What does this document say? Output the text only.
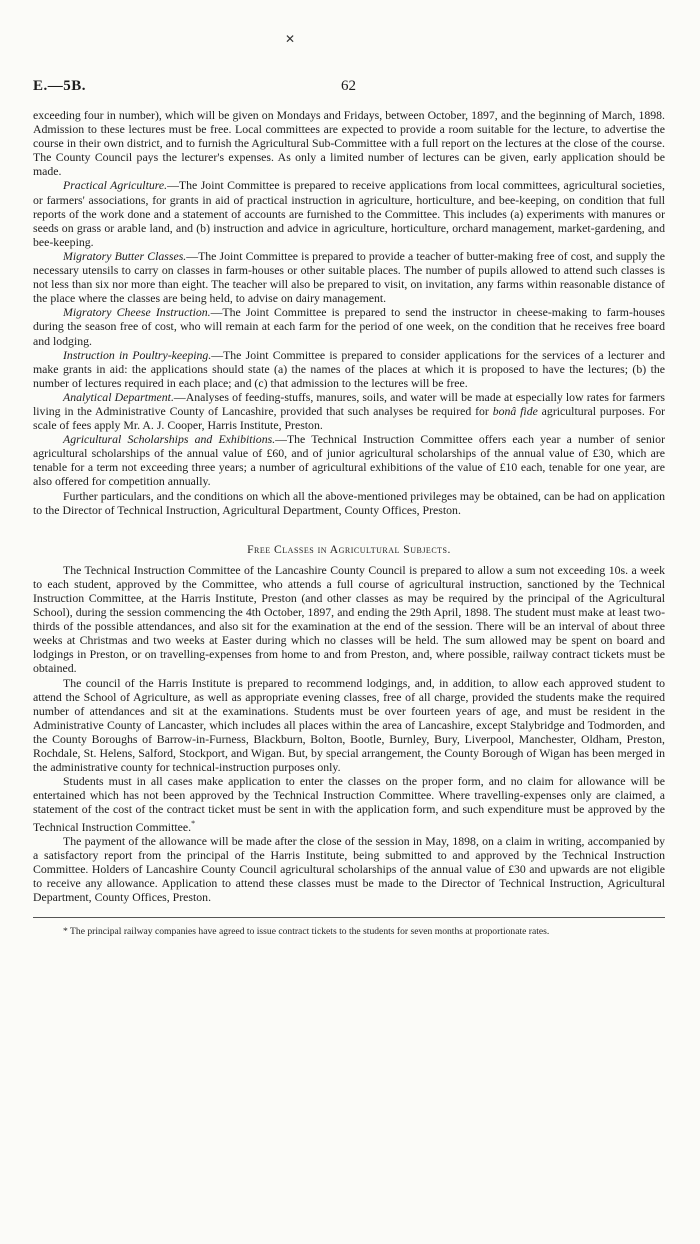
✕
E.—5B.	62

exceeding four in number), which will be given on Mondays and Fridays, between October, 1897, and the beginning of March, 1898. Admission to these lectures must be free. Local committees are expected to provide a room suitable for the lecture, to advertise the course in their own district, and to furnish the Agricultural Sub-Committee with a full report on the lectures at the close of the course. The County Council pays the lecturer's expenses. As only a limited number of lectures can be given, early application should be made.

Practical Agriculture.—The Joint Committee is prepared to receive applications from local committees, agricultural societies, or farmers' associations, for grants in aid of practical instruction in agriculture, horticulture, and bee-keeping, on condition that full reports of the work done and a statement of accounts are furnished to the Committee. This includes (a) experiments with manures or seeds on grass or arable land, and (b) instruction and advice in agriculture, horticulture, orchard management, market-gardening, and bee-keeping.

Migratory Butter Classes.—The Joint Committee is prepared to provide a teacher of butter-making free of cost, and supply the necessary utensils to carry on classes in farm-houses or other suitable places. The number of pupils allowed to attend such classes is not less than six nor more than eight. The teacher will also be prepared to visit, on invitation, any farms within reasonable distance of the place where the classes are being held, to advise on dairy management.

Migratory Cheese Instruction.—The Joint Committee is prepared to send the instructor in cheese-making to farm-houses during the season free of cost, who will remain at each farm for the period of one week, on the condition that he receives free board and lodging.

Instruction in Poultry-keeping.—The Joint Committee is prepared to consider applications for the services of a lecturer and make grants in aid: the applications should state (a) the names of the places at which it is proposed to have the lectures; (b) the number of lectures required in each place; and (c) that admission to the lectures will be free.

Analytical Department.—Analyses of feeding-stuffs, manures, soils, and water will be made at especially low rates for farmers living in the Administrative County of Lancashire, provided that such analyses be required for bonâ fide agricultural purposes. For scale of fees apply Mr. A. J. Cooper, Harris Institute, Preston.

Agricultural Scholarships and Exhibitions.—The Technical Instruction Committee offers each year a number of senior agricultural scholarships of the annual value of £60, and of junior agricultural scholarships of the annual value of £30, which are tenable for a term not exceeding three years; a number of agricultural exhibitions of the value of £10 each, tenable for one year, are also offered for competition annually.

Further particulars, and the conditions on which all the above-mentioned privileges may be obtained, can be had on application to the Director of Technical Instruction, Agricultural Department, County Offices, Preston.

Free Classes in Agricultural Subjects.

The Technical Instruction Committee of the Lancashire County Council is prepared to allow a sum not exceeding 10s. a week to each student, approved by the Committee, who attends a full course of agricultural instruction, sanctioned by the Technical Instruction Committee, at the Harris Institute, Preston (and other classes as may be required by the principal of the Agricultural School), during the session commencing the 4th October, 1897, and ending the 29th April, 1898. The student must make at least two-thirds of the possible attendances, and also sit for the examination at the end of the session. There will be an interval of about three weeks at Christmas and two weeks at Easter during which no classes will be held. The sum allowed may be spent on board and lodgings in Preston, or on travelling-expenses from home to and from Preston, and, where possible, railway contract tickets must be obtained.

The council of the Harris Institute is prepared to recommend lodgings, and, in addition, to allow each approved student to attend the School of Agriculture, as well as appropriate evening classes, free of all charge, provided the students make the required number of attendances and sit at the examinations. Students must be over fourteen years of age, and must be resident in the Administrative County of Lancaster, which includes all places within the area of Lancashire, except Stalybridge and Todmorden, and the County Boroughs of Barrow-in-Furness, Blackburn, Bolton, Bootle, Burnley, Bury, Liverpool, Manchester, Oldham, Preston, Rochdale, St. Helens, Salford, Stockport, and Wigan. But, by special arrangement, the County Borough of Wigan has been merged in the administrative county for technical-instruction purposes only.

Students must in all cases make application to enter the classes on the proper form, and no claim for allowance will be entertained which has not been approved by the Technical Instruction Committee. Where travelling-expenses only are claimed, a statement of the cost of the contract ticket must be sent in with the application form, and such expenditure must be approved by the Technical Instruction Committee.*

The payment of the allowance will be made after the close of the session in May, 1898, on a claim in writing, accompanied by a satisfactory report from the principal of the Harris Institute, being submitted to and approved by the Technical Instruction Committee. Holders of Lancashire County Council agricultural scholarships of the annual value of £30 and upwards are not eligible to receive any allowance. Application to attend these classes must be made to the Director of Technical Instruction, Agricultural Department, County Offices, Preston.

* The principal railway companies have agreed to issue contract tickets to the students for seven months at proportionate rates.
